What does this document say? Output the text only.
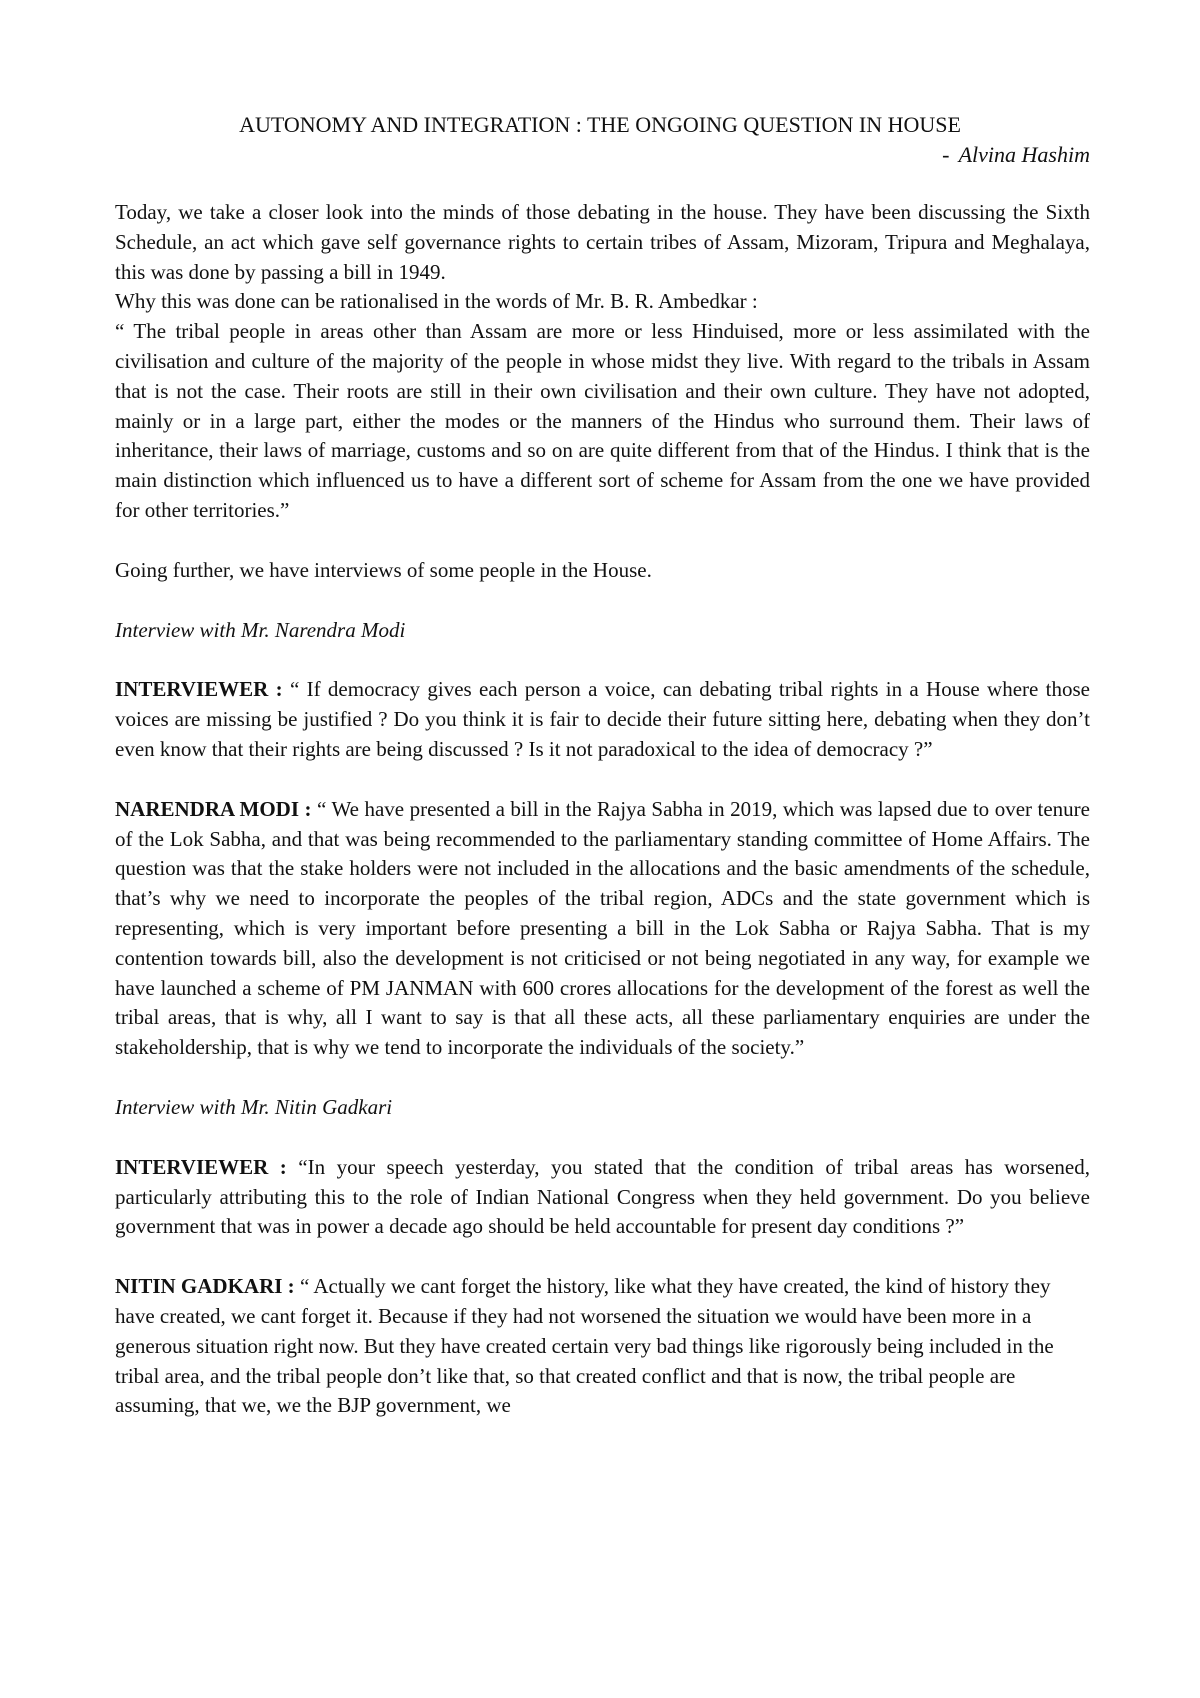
AUTONOMY AND INTEGRATION : THE ONGOING QUESTION IN HOUSE

- Alvina Hashim

Today, we take a closer look into the minds of those debating in the house. They have been discussing the Sixth Schedule, an act which gave self governance rights to certain tribes of Assam, Mizoram, Tripura and Meghalaya, this was done by passing a bill in 1949.

Why this was done can be rationalised in the words of Mr. B. R. Ambedkar :

“ The tribal people in areas other than Assam are more or less Hinduised, more or less assimilated with the civilisation and culture of the majority of the people in whose midst they live. With regard to the tribals in Assam that is not the case. Their roots are still in their own civilisation and their own culture. They have not adopted, mainly or in a large part, either the modes or the manners of the Hindus who surround them. Their laws of inheritance, their laws of marriage, customs and so on are quite different from that of the Hindus. I think that is the main distinction which influenced us to have a different sort of scheme for Assam from the one we have provided for other territories.”

Going further, we have interviews of some people in the House.

Interview with Mr. Narendra Modi

INTERVIEWER : “ If democracy gives each person a voice, can debating tribal rights in a House where those voices are missing be justified ? Do you think it is fair to decide their future sitting here, debating when they don’t even know that their rights are being discussed ? Is it not paradoxical to the idea of democracy ?”

NARENDRA MODI : “ We have presented a bill in the Rajya Sabha in 2019, which was lapsed due to over tenure of the Lok Sabha, and that was being recommended to the parliamentary standing committee of Home Affairs. The question was that the stake holders were not included in the allocations and the basic amendments of the schedule, that’s why we need to incorporate the peoples of the tribal region, ADCs and the state government which is representing, which is very important before presenting a bill in the Lok Sabha or Rajya Sabha. That is my contention towards bill, also the development is not criticised or not being negotiated in any way, for example we have launched a scheme of PM JANMAN with 600 crores allocations for the development of the forest as well the tribal areas, that is why, all I want to say is that all these acts, all these parliamentary enquiries are under the stakeholdership, that is why we tend to incorporate the individuals of the society.”

Interview with Mr. Nitin Gadkari

INTERVIEWER : “In your speech yesterday, you stated that the condition of tribal areas has worsened, particularly attributing this to the role of Indian National Congress when they held government. Do you believe government that was in power a decade ago should be held accountable for present day conditions ?”

NITIN GADKARI : “ Actually we cant forget the history, like what they have created, the kind of history they have created, we cant forget it. Because if they had not worsened the situation we would have been more in a generous situation right now. But they have created certain very bad things like rigorously being included in the tribal area, and the tribal people don’t like that, so that created conflict and that is now, the tribal people are assuming, that we, we the BJP government, we
